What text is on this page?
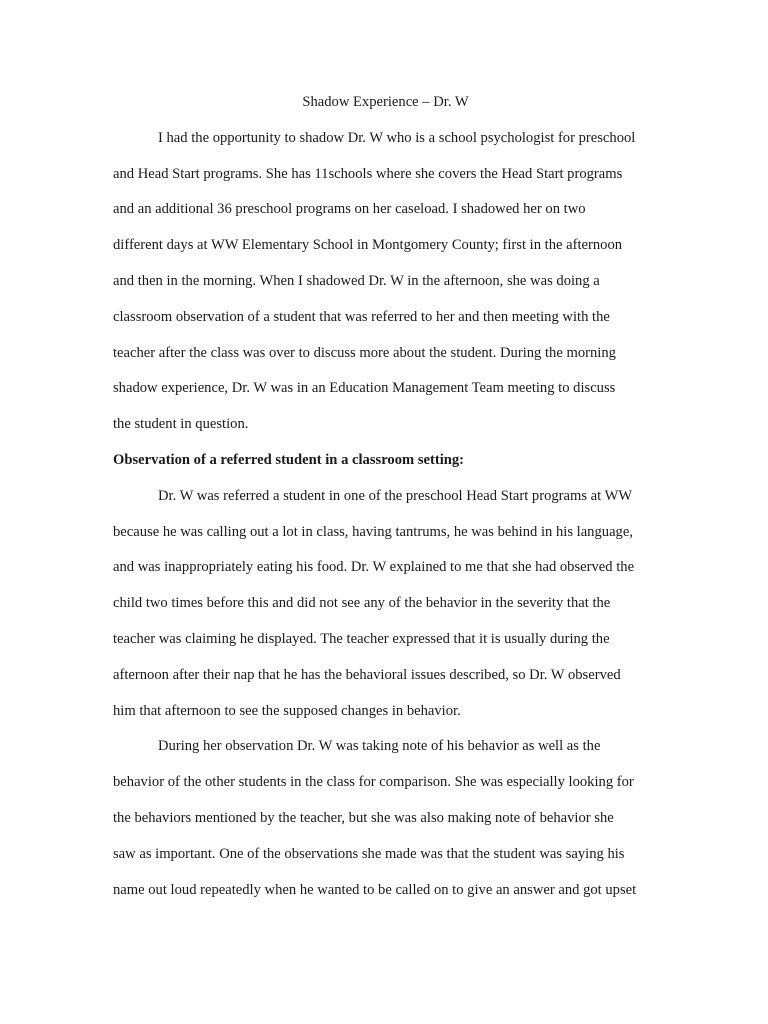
Shadow Experience – Dr. W
I had the opportunity to shadow Dr. W who is a school psychologist for preschool
and Head Start programs. She has 11schools where she covers the Head Start programs
and an additional 36 preschool programs on her caseload. I shadowed her on two
different days at WW Elementary School in Montgomery County; first in the afternoon
and then in the morning. When I shadowed Dr. W in the afternoon, she was doing a
classroom observation of a student that was referred to her and then meeting with the
teacher after the class was over to discuss more about the student. During the morning
shadow experience, Dr. W was in an Education Management Team meeting to discuss
the student in question.
Observation of a referred student in a classroom setting:
Dr. W was referred a student in one of the preschool Head Start programs at WW
because he was calling out a lot in class, having tantrums, he was behind in his language,
and was inappropriately eating his food. Dr. W explained to me that she had observed the
child two times before this and did not see any of the behavior in the severity that the
teacher was claiming he displayed. The teacher expressed that it is usually during the
afternoon after their nap that he has the behavioral issues described, so Dr. W observed
him that afternoon to see the supposed changes in behavior.
During her observation Dr. W was taking note of his behavior as well as the
behavior of the other students in the class for comparison. She was especially looking for
the behaviors mentioned by the teacher, but she was also making note of behavior she
saw as important. One of the observations she made was that the student was saying his
name out loud repeatedly when he wanted to be called on to give an answer and got upset
